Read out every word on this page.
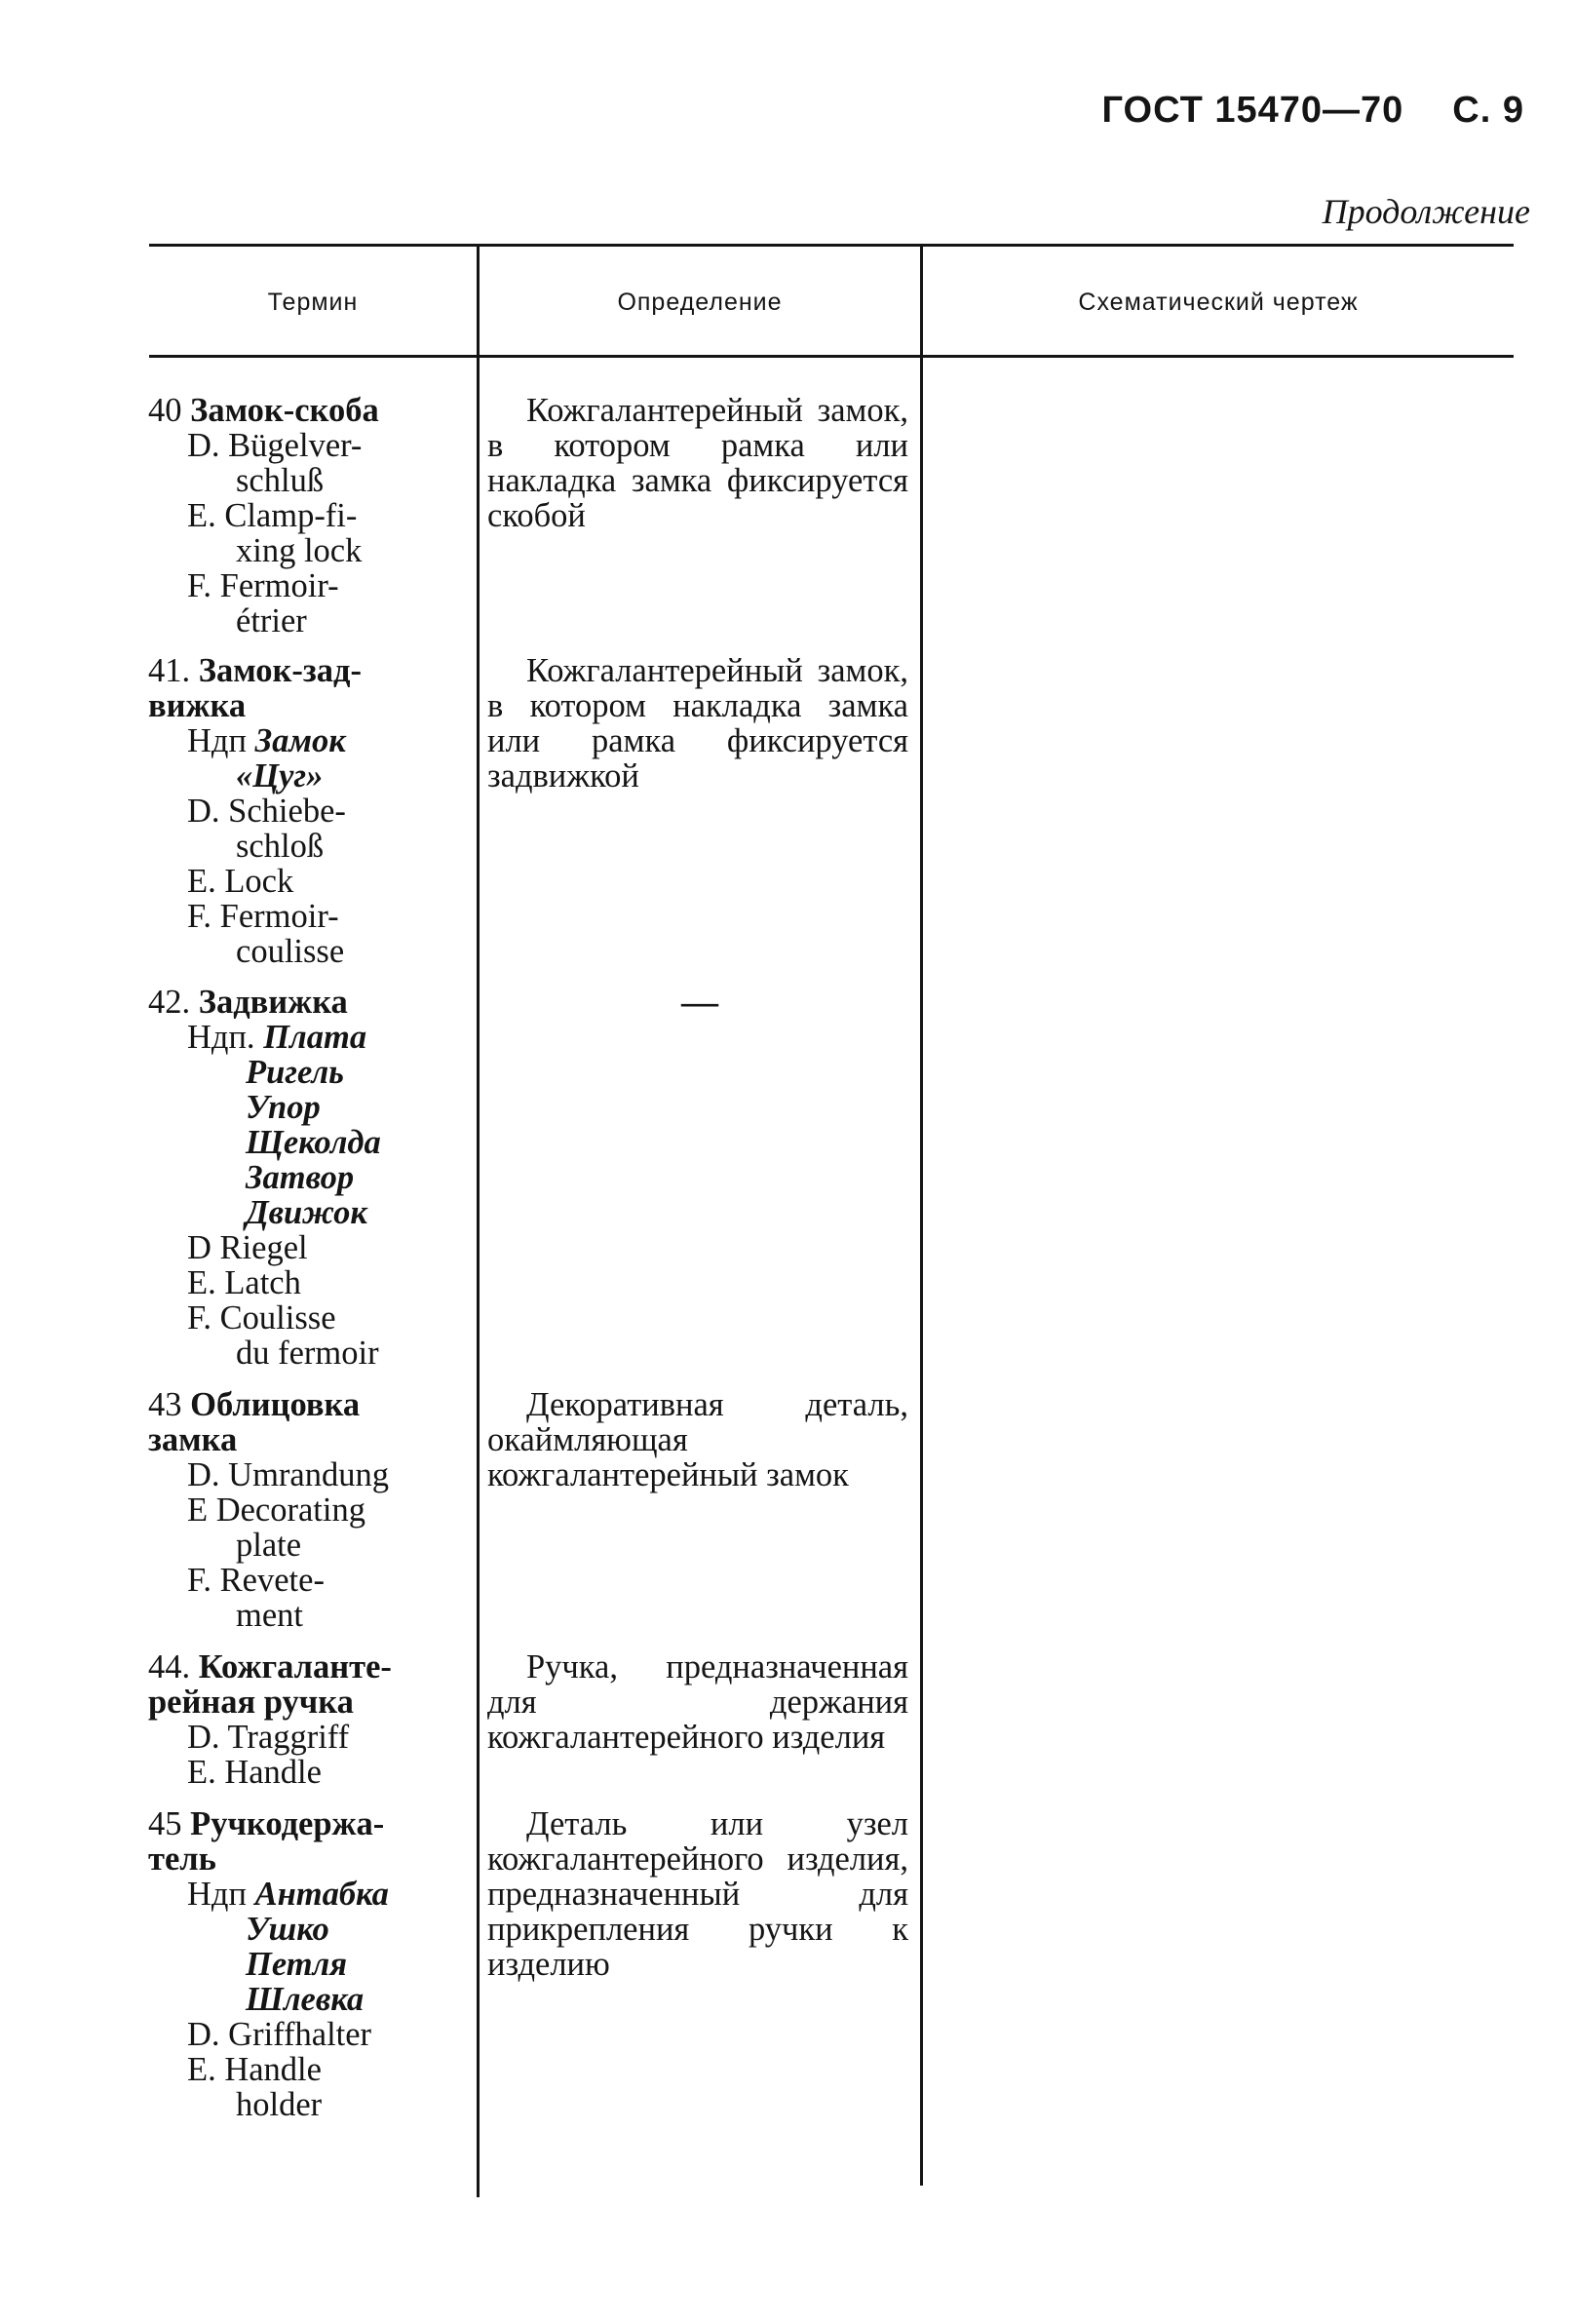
ГОСТ 15470—70 С. 9
Продолжение
Термин	Определение	Схематический чертеж
40 Замок-скоба
D. Bügelver-
schluß
E. Clamp-fi-
xing lock
F. Fermoir-
étrier

Кожгалантерейный замок, в котором рамка или накладка замка фиксируется скобой

41. Замок-зад-
вижка
Ндп Замок
«Цуг»
D. Schiebe-
schloß
E. Lock
F. Fermoir-
coulisse

Кожгалантерейный замок, в котором накладка замка или рамка фиксируется задвижкой

42. Задвижка
Ндп. Плата
Ригель
Упор
Щеколда
Затвор
Движок
D Riegel
E. Latch
F. Coulisse
du fermoir
—
43 Облицовка
замка
D. Umrandung
E Decorating
plate
F. Revete-
ment

Декоративная деталь, окаймляющая кожгалантерейный замок

44. Кожгаланте-
рейная ручка
D. Traggriff
E. Handle

Ручка, предназначенная для держания кожгалантерейного изделия

45 Ручкодержа-
тель
Ндп Антабка
Ушко
Петля
Шлевка
D. Griffhalter
E. Handle
holder

Деталь или узел кожгалантерейного изделия, предназначенный для прикрепления ручки к изделию
